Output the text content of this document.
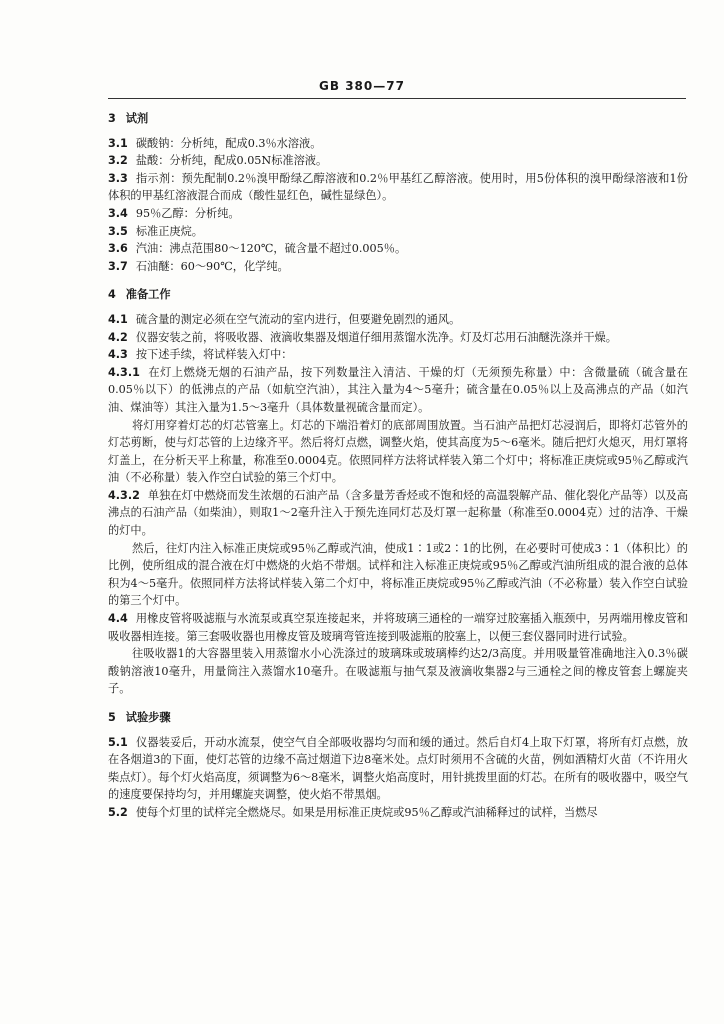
GB 380—77

3 试剂

3.1 碳酸钠：分析纯，配成0.3％水溶液。

3.2 盐酸：分析纯，配成0.05N标准溶液。

3.3 指示剂：预先配制0.2％溴甲酚绿乙醇溶液和0.2％甲基红乙醇溶液。使用时，用5份体积的溴甲酚绿溶液和1份体积的甲基红溶液混合而成（酸性显红色，碱性显绿色）。

3.4 95％乙醇：分析纯。

3.5 标准正庚烷。

3.6 汽油：沸点范围80～120℃，硫含量不超过0.005％。

3.7 石油醚：60～90℃，化学纯。

4 准备工作

4.1 硫含量的测定必须在空气流动的室内进行，但要避免剧烈的通风。

4.2 仪器安装之前，将吸收器、液滴收集器及烟道仔细用蒸馏水洗净。灯及灯芯用石油醚洗涤并干燥。

4.3 按下述手续，将试样装入灯中：

4.3.1 在灯上燃烧无烟的石油产品，按下列数量注入清洁、干燥的灯（无须预先称量）中：含微量硫（硫含量在0.05％以下）的低沸点的产品（如航空汽油），其注入量为4～5毫升；硫含量在0.05％以上及高沸点的产品（如汽油、煤油等）其注入量为1.5～3毫升（具体数量视硫含量而定）。

将灯用穿着灯芯的灯芯管塞上。灯芯的下端沿着灯的底部周围放置。当石油产品把灯芯浸润后，即将灯芯管外的灯芯剪断，使与灯芯管的上边缘齐平。然后将灯点燃，调整火焰，使其高度为5～6毫米。随后把灯火熄灭，用灯罩将灯盖上，在分析天平上称量，称准至0.0004克。依照同样方法将试样装入第二个灯中；将标准正庚烷或95％乙醇或汽油（不必称量）装入作空白试验的第三个灯中。

4.3.2 单独在灯中燃烧而发生浓烟的石油产品（含多量芳香烃或不饱和烃的高温裂解产品、催化裂化产品等）以及高沸点的石油产品（如柴油），则取1～2毫升注入于预先连同灯芯及灯罩一起称量（称准至0.0004克）过的洁净、干燥的灯中。

然后，往灯内注入标准正庚烷或95％乙醇或汽油，使成1∶1或2∶1的比例，在必要时可使成3∶1（体积比）的比例，使所组成的混合液在灯中燃烧的火焰不带烟。试样和注入标准正庚烷或95％乙醇或汽油所组成的混合液的总体积为4～5毫升。依照同样方法将试样装入第二个灯中，将标准正庚烷或95％乙醇或汽油（不必称量）装入作空白试验的第三个灯中。

4.4 用橡皮管将吸滤瓶与水流泵或真空泵连接起来，并将玻璃三通栓的一端穿过胶塞插入瓶颈中，另两端用橡皮管和吸收器相连接。第三套吸收器也用橡皮管及玻璃弯管连接到吸滤瓶的胶塞上，以便三套仪器同时进行试验。

往吸收器1的大容器里装入用蒸馏水小心洗涤过的玻璃珠或玻璃棒约达2/3高度。并用吸量管准确地注入0.3％碳酸钠溶液10毫升，用量筒注入蒸馏水10毫升。在吸滤瓶与抽气泵及液滴收集器2与三通栓之间的橡皮管套上螺旋夹子。

5 试验步骤

5.1 仪器装妥后，开动水流泵，使空气自全部吸收器均匀而和缓的通过。然后自灯4上取下灯罩，将所有灯点燃，放在各烟道3的下面，使灯芯管的边缘不高过烟道下边8毫米处。点灯时须用不含硫的火苗，例如酒精灯火苗（不许用火柴点灯）。每个灯火焰高度，须调整为6～8毫米，调整火焰高度时，用针挑拨里面的灯芯。在所有的吸收器中，吸空气的速度要保持均匀，并用螺旋夹调整，使火焰不带黑烟。

5.2 使每个灯里的试样完全燃烧尽。如果是用标准正庚烷或95％乙醇或汽油稀释过的试样，当燃尽
